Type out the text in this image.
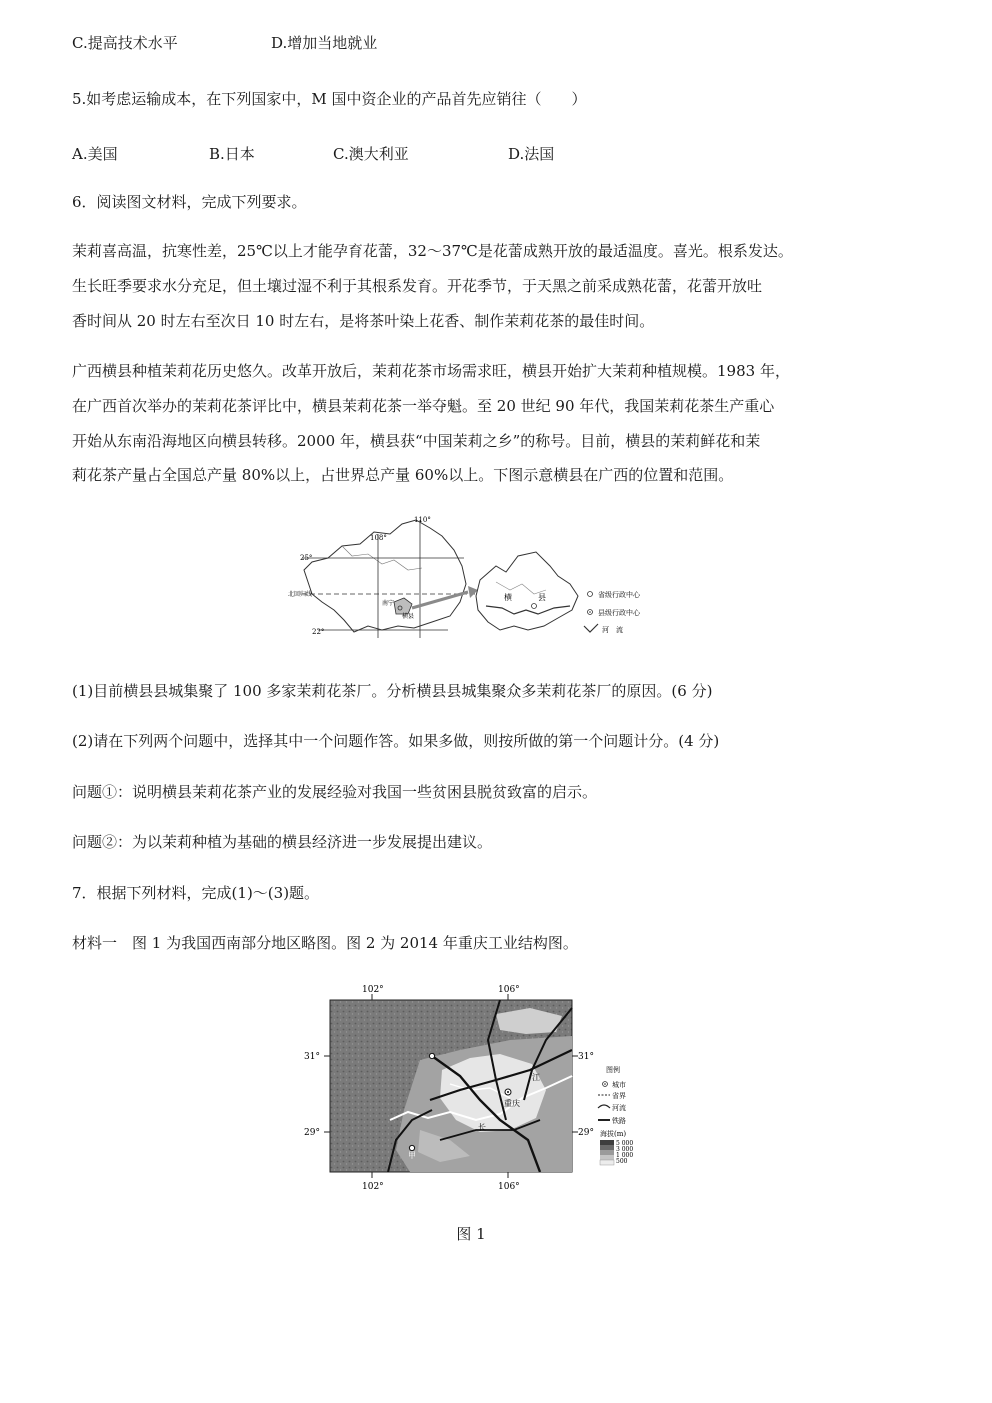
C.提高技术水平	D.增加当地就业
5.如考虑运输成本，在下列国家中，M 国中资企业的产品首先应销往（　　）
A.美国	B.日本	C.澳大利亚	D.法国
6．阅读图文材料，完成下列要求。
茉莉喜高温，抗寒性差，25℃以上才能孕育花蕾，32～37℃是花蕾成熟开放的最适温度。喜光。根系发达。
生长旺季要求水分充足，但土壤过湿不利于其根系发育。开花季节，于天黑之前采成熟花蕾，花蕾开放吐
香时间从 20 时左右至次日 10 时左右，是将茶叶染上花香、制作茉莉花茶的最佳时间。
广西横县种植茉莉花历史悠久。改革开放后，茉莉花茶市场需求旺，横县开始扩大茉莉种植规模。1983 年，
在广西首次举办的茉莉花茶评比中，横县茉莉花茶一举夺魁。至 20 世纪 90 年代，我国茉莉花茶生产重心
开始从东南沿海地区向横县转移。2000 年，横县获“中国茉莉之乡”的称号。目前，横县的茉莉鲜花和茉
莉花茶产量占全国总产量 80%以上，占世界总产量 60%以上。下图示意横县在广西的位置和范围。
108°
110°
25°
22°
北回归线
南宁
横县
横	县	省级行政中心
县级行政中心
河　流
(1)目前横县县城集聚了 100 多家茉莉花茶厂。分析横县县城集聚众多茉莉花茶厂的原因。(6 分)
(2)请在下列两个问题中，选择其中一个问题作答。如果多做，则按所做的第一个问题计分。(4 分)
问题①：说明横县茉莉花茶产业的发展经验对我国一些贫困县脱贫致富的启示。
问题②：为以茉莉种植为基础的横县经济进一步发展提出建议。
7．根据下列材料，完成(1)～(3)题。
材料一　图 1 为我国西南部分地区略图。图 2 为 2014 年重庆工业结构图。
102°	106°
102°	106°
31°	31°
29°	29°
重庆
甲
江
长
图例
城市
省界
河流
铁路
海拔(m)
5 000
3 000
1 000
500
图 1
